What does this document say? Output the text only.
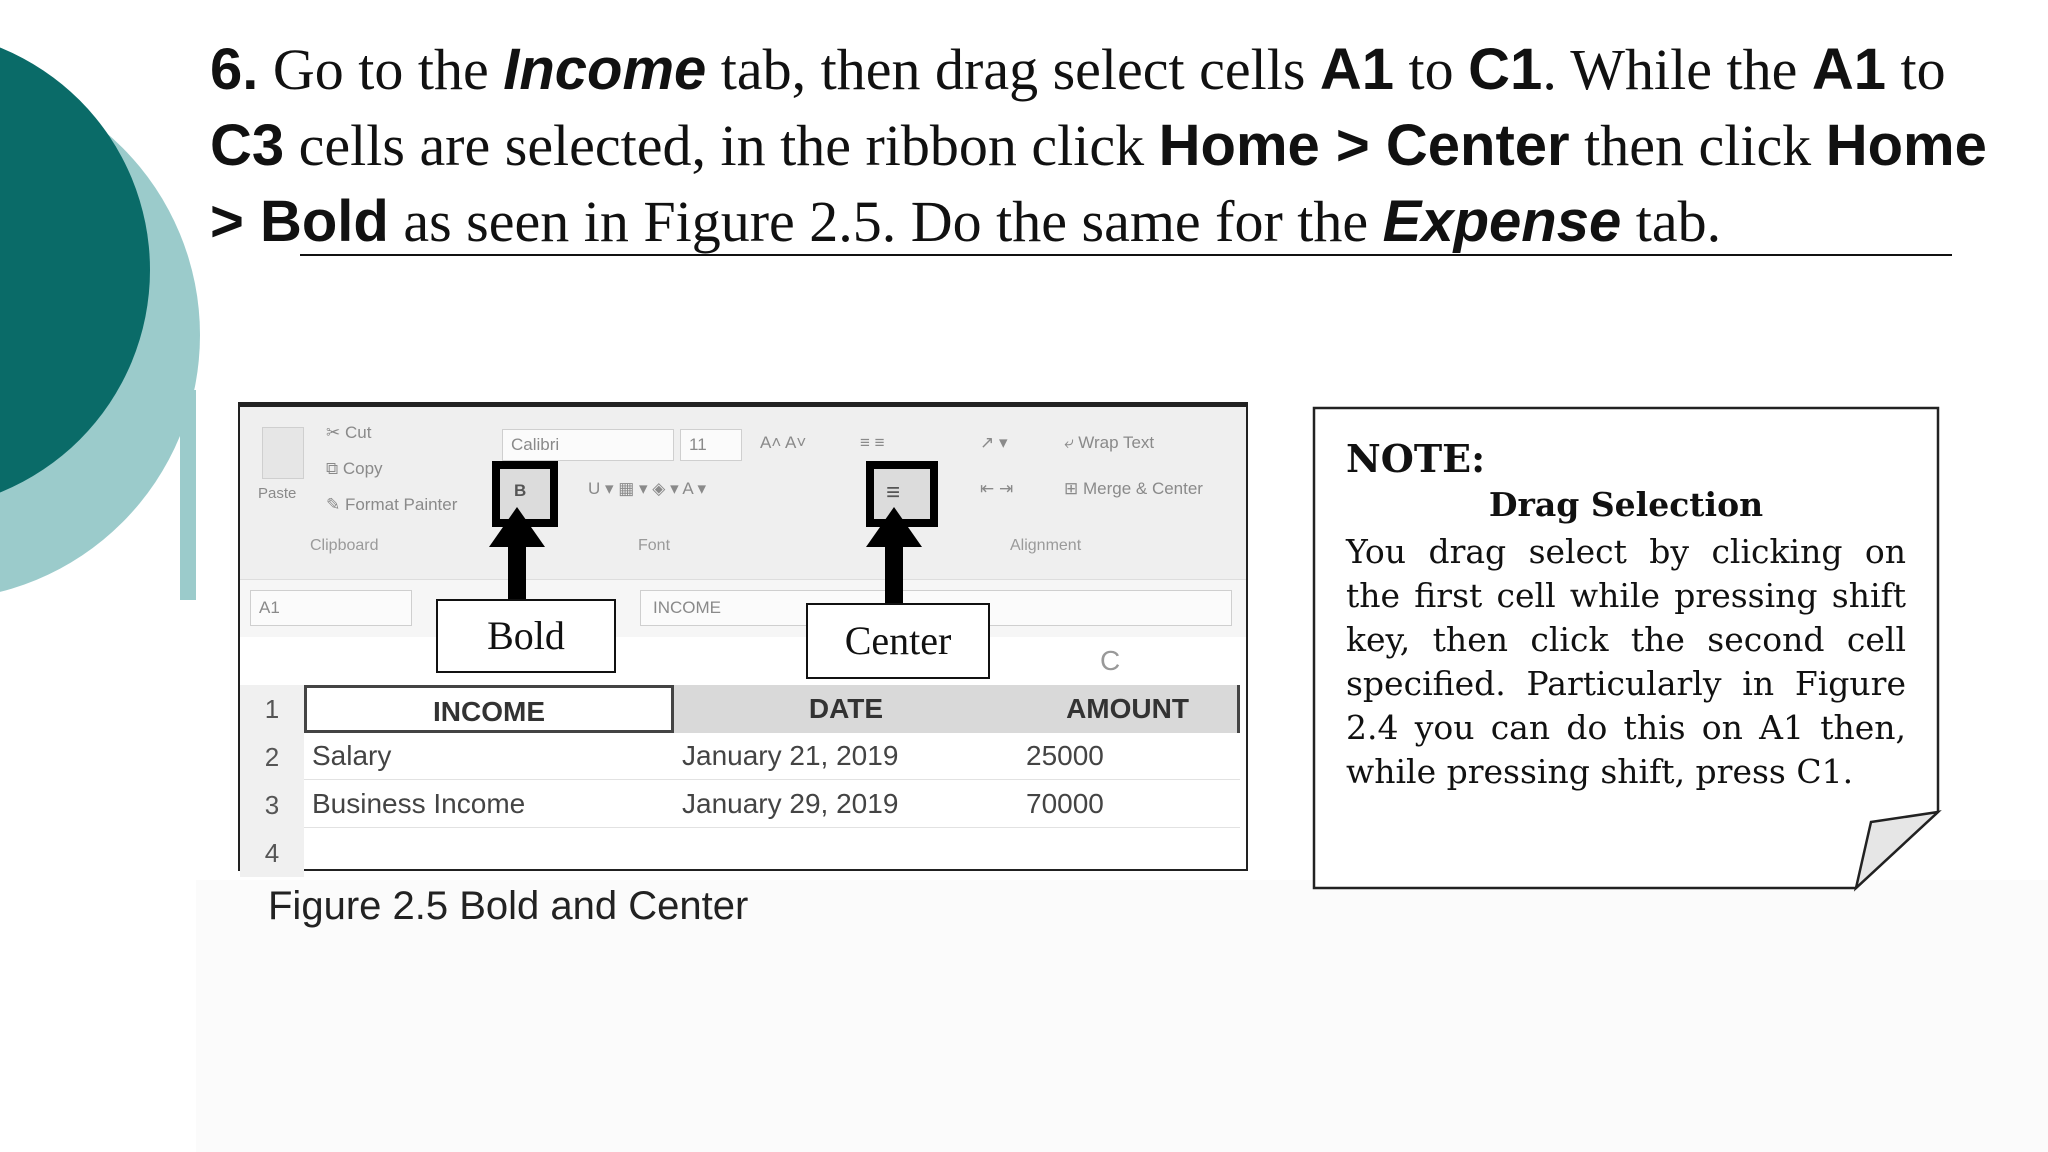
6. Go to the Income tab, then drag select cells A1 to C1. While the A1 to C3 cells are selected, in the ribbon click Home > Center then click Home > Bold as seen in Figure 2.5. Do the same for the Expense tab.

Paste
✂ Cut
⧉ Copy
✎ Format Painter
Clipboard
Calibri	11	A˄ A˅
B	U ▾ ▦ ▾ ◈ ▾ A ▾
Font
≡ ≡
≡	⇤ ⇥
↗ ▾	⤶ Wrap Text
⊞ Merge & Center
Alignment
A1	INCOME
C
1
2
3
4
INCOME	DATE	AMOUNT
Salary	January 21, 2019	25000
Business Income	January 29, 2019	70000
Bold	Center

NOTE:

Drag Selection

You drag select by clicking on the first cell while pressing shift key, then click the second cell specified. Particularly in Figure 2.4 you can do this on A1 then, while pressing shift, press C1.
